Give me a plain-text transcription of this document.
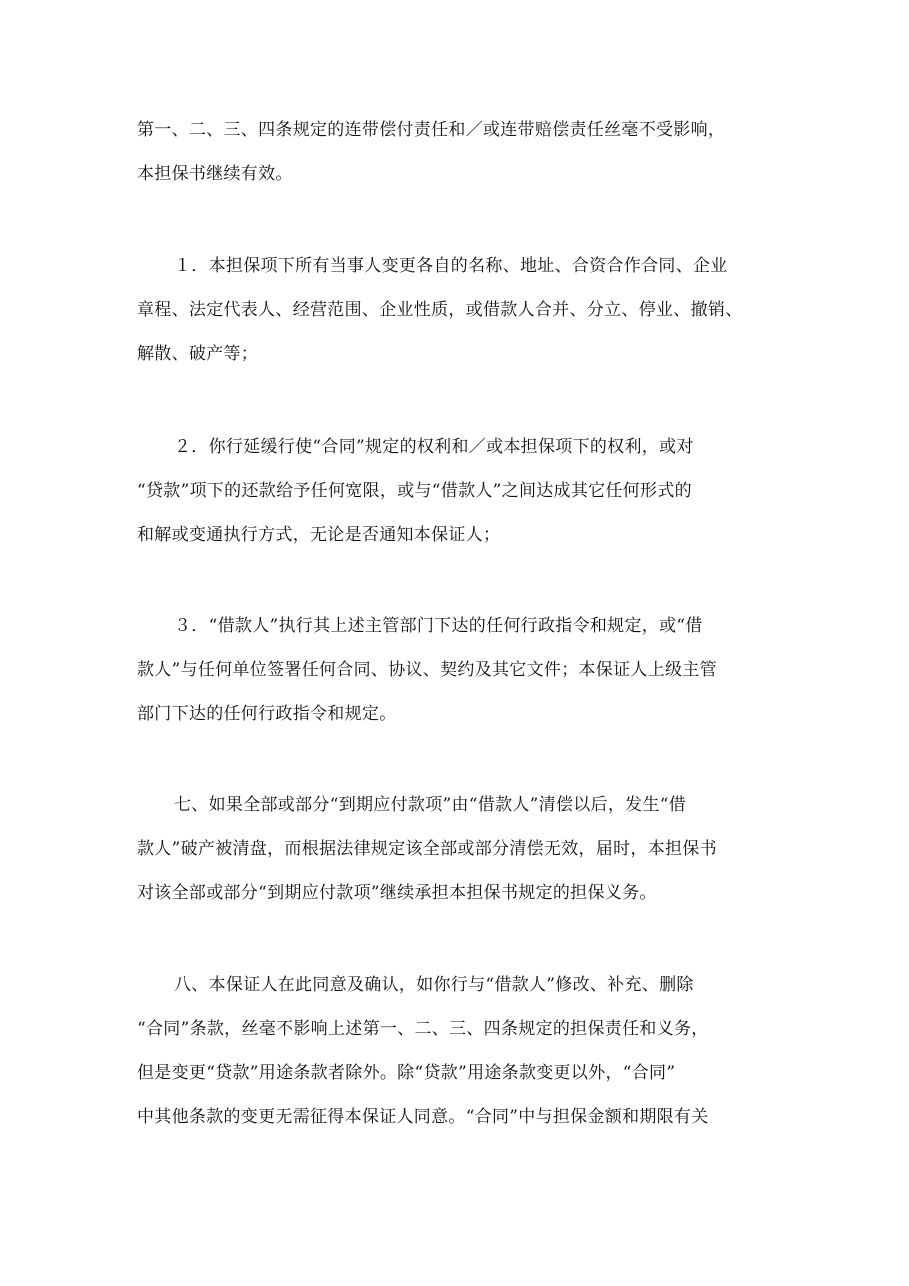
第一、二、三、四条规定的连带偿付责任和／或连带赔偿责任丝毫不受影响，
本担保书继续有效。
１．本担保项下所有当事人变更各自的名称、地址、合资合作合同、企业
章程、法定代表人、经营范围、企业性质，或借款人合并、分立、停业、撤销、
解散、破产等；
２．你行延缓行使“合同”规定的权利和／或本担保项下的权利，或对
“贷款”项下的还款给予任何宽限，或与“借款人”之间达成其它任何形式的
和解或变通执行方式，无论是否通知本保证人；
３．“借款人”执行其上述主管部门下达的任何行政指令和规定，或“借
款人”与任何单位签署任何合同、协议、契约及其它文件；本保证人上级主管
部门下达的任何行政指令和规定。
七、如果全部或部分“到期应付款项”由“借款人”清偿以后，发生“借
款人”破产被清盘，而根据法律规定该全部或部分清偿无效，届时，本担保书
对该全部或部分“到期应付款项”继续承担本担保书规定的担保义务。
八、本保证人在此同意及确认，如你行与“借款人”修改、补充、删除
“合同”条款，丝毫不影响上述第一、二、三、四条规定的担保责任和义务，
但是变更“贷款”用途条款者除外。除“贷款”用途条款变更以外，“合同”
中其他条款的变更无需征得本保证人同意。“合同”中与担保金额和期限有关
